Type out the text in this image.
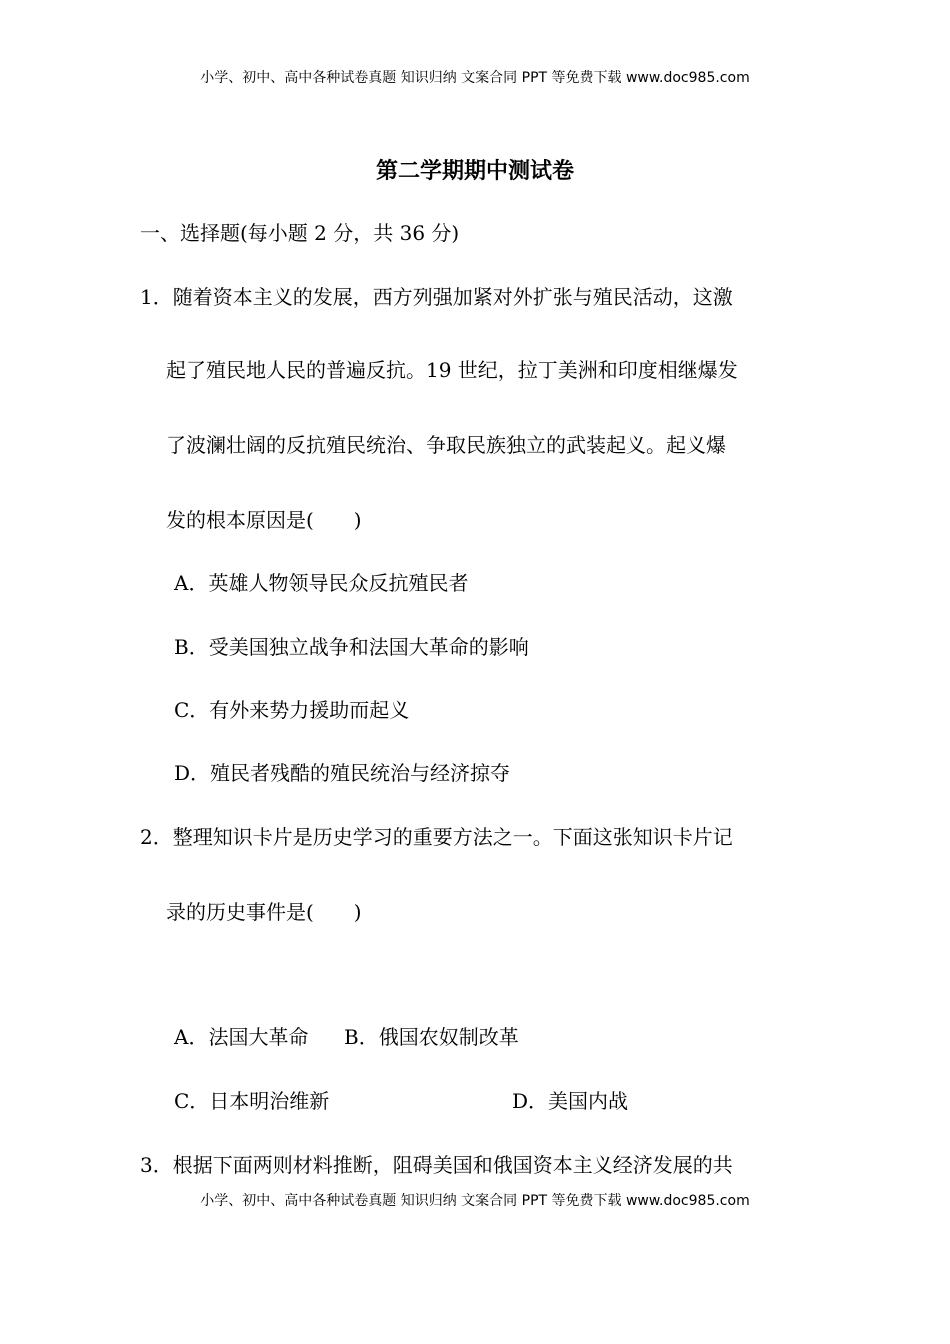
小学、初中、高中各种试卷真题 知识归纳 文案合同 PPT 等免费下载 www.doc985.com
第二学期期中测试卷
一、选择题(每小题 2 分，共 36 分)
1．随着资本主义的发展，西方列强加紧对外扩张与殖民活动，这激
起了殖民地人民的普遍反抗。19 世纪，拉丁美洲和印度相继爆发
了波澜壮阔的反抗殖民统治、争取民族独立的武装起义。起义爆
发的根本原因是(　　)
A．英雄人物领导民众反抗殖民者
B．受美国独立战争和法国大革命的影响
C．有外来势力援助而起义
D．殖民者残酷的殖民统治与经济掠夺
2．整理知识卡片是历史学习的重要方法之一。下面这张知识卡片记
录的历史事件是(　　)
A．法国大革命 B．俄国农奴制改革
C．日本明治维新	D．美国内战
3．根据下面两则材料推断，阻碍美国和俄国资本主义经济发展的共
小学、初中、高中各种试卷真题 知识归纳 文案合同 PPT 等免费下载 www.doc985.com
